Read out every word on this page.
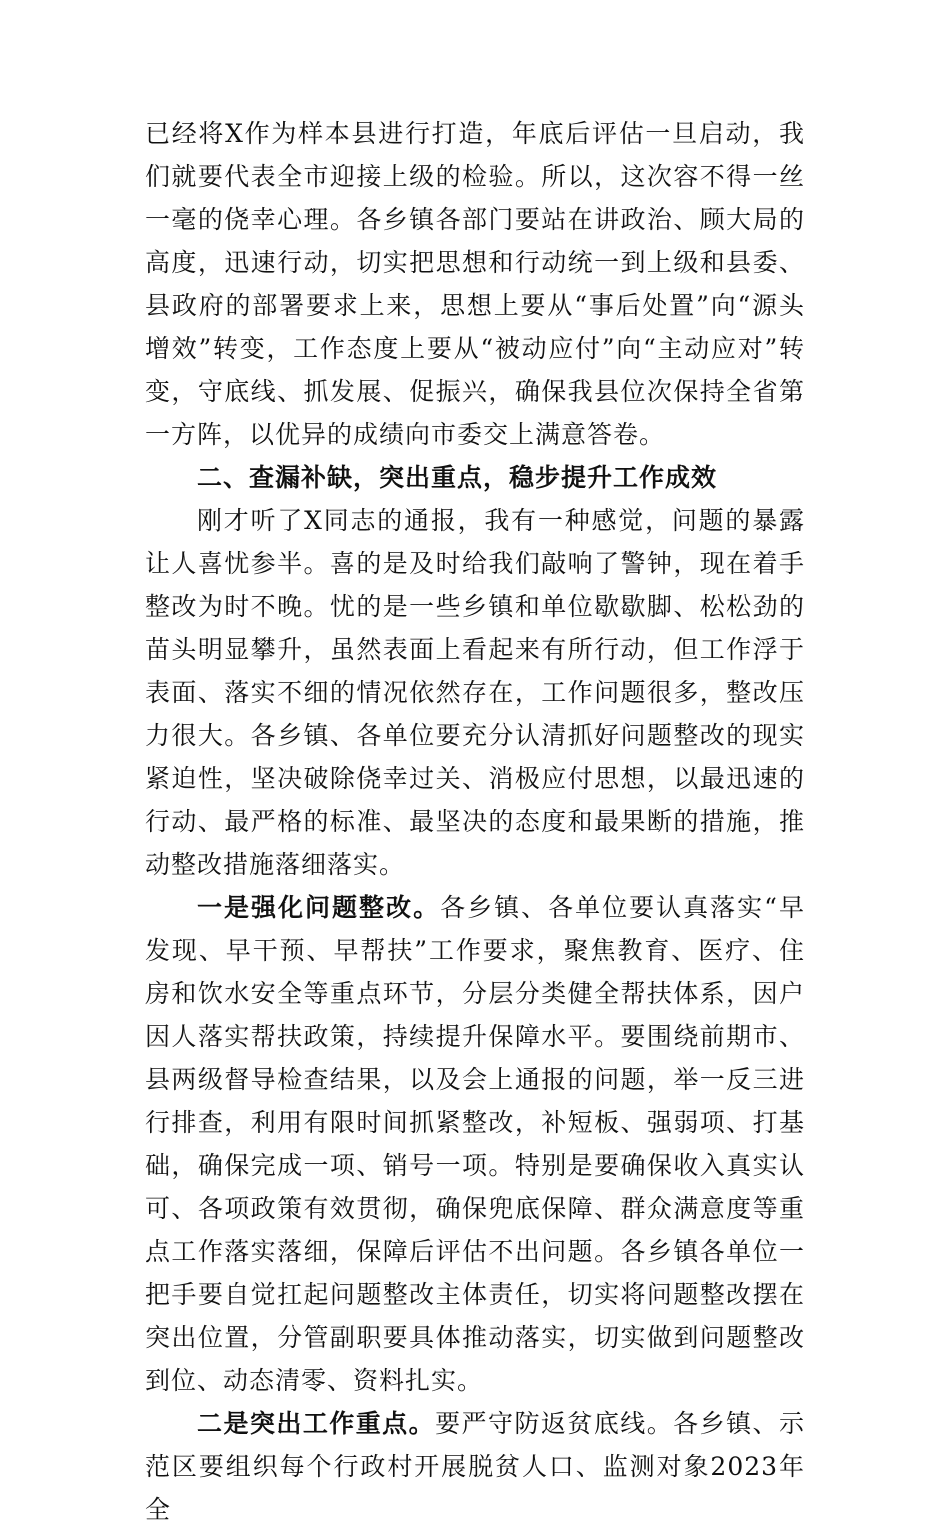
已经将X作为样本县进行打造，年底后评估一旦启动，我们就要代表全市迎接上级的检验。所以，这次容不得一丝一毫的侥幸心理。各乡镇各部门要站在讲政治、顾大局的高度，迅速行动，切实把思想和行动统一到上级和县委、县政府的部署要求上来，思想上要从“事后处置”向“源头增效”转变，工作态度上要从“被动应付”向“主动应对”转变，守底线、抓发展、促振兴，确保我县位次保持全省第一方阵，以优异的成绩向市委交上满意答卷。

二、查漏补缺，突出重点，稳步提升工作成效

刚才听了X同志的通报，我有一种感觉，问题的暴露让人喜忧参半。喜的是及时给我们敲响了警钟，现在着手整改为时不晚。忧的是一些乡镇和单位歇歇脚、松松劲的苗头明显攀升，虽然表面上看起来有所行动，但工作浮于表面、落实不细的情况依然存在，工作问题很多，整改压力很大。各乡镇、各单位要充分认清抓好问题整改的现实紧迫性，坚决破除侥幸过关、消极应付思想，以最迅速的行动、最严格的标准、最坚决的态度和最果断的措施，推动整改措施落细落实。

一是强化问题整改。各乡镇、各单位要认真落实“早发现、早干预、早帮扶”工作要求，聚焦教育、医疗、住房和饮水安全等重点环节，分层分类健全帮扶体系，因户因人落实帮扶政策，持续提升保障水平。要围绕前期市、县两级督导检查结果，以及会上通报的问题，举一反三进行排查，利用有限时间抓紧整改，补短板、强弱项、打基础，确保完成一项、销号一项。特别是要确保收入真实认可、各项政策有效贯彻，确保兜底保障、群众满意度等重点工作落实落细，保障后评估不出问题。各乡镇各单位一把手要自觉扛起问题整改主体责任，切实将问题整改摆在突出位置，分管副职要具体推动落实，切实做到问题整改到位、动态清零、资料扎实。

二是突出工作重点。要严守防返贫底线。各乡镇、示范区要组织每个行政村开展脱贫人口、监测对象2023年全
